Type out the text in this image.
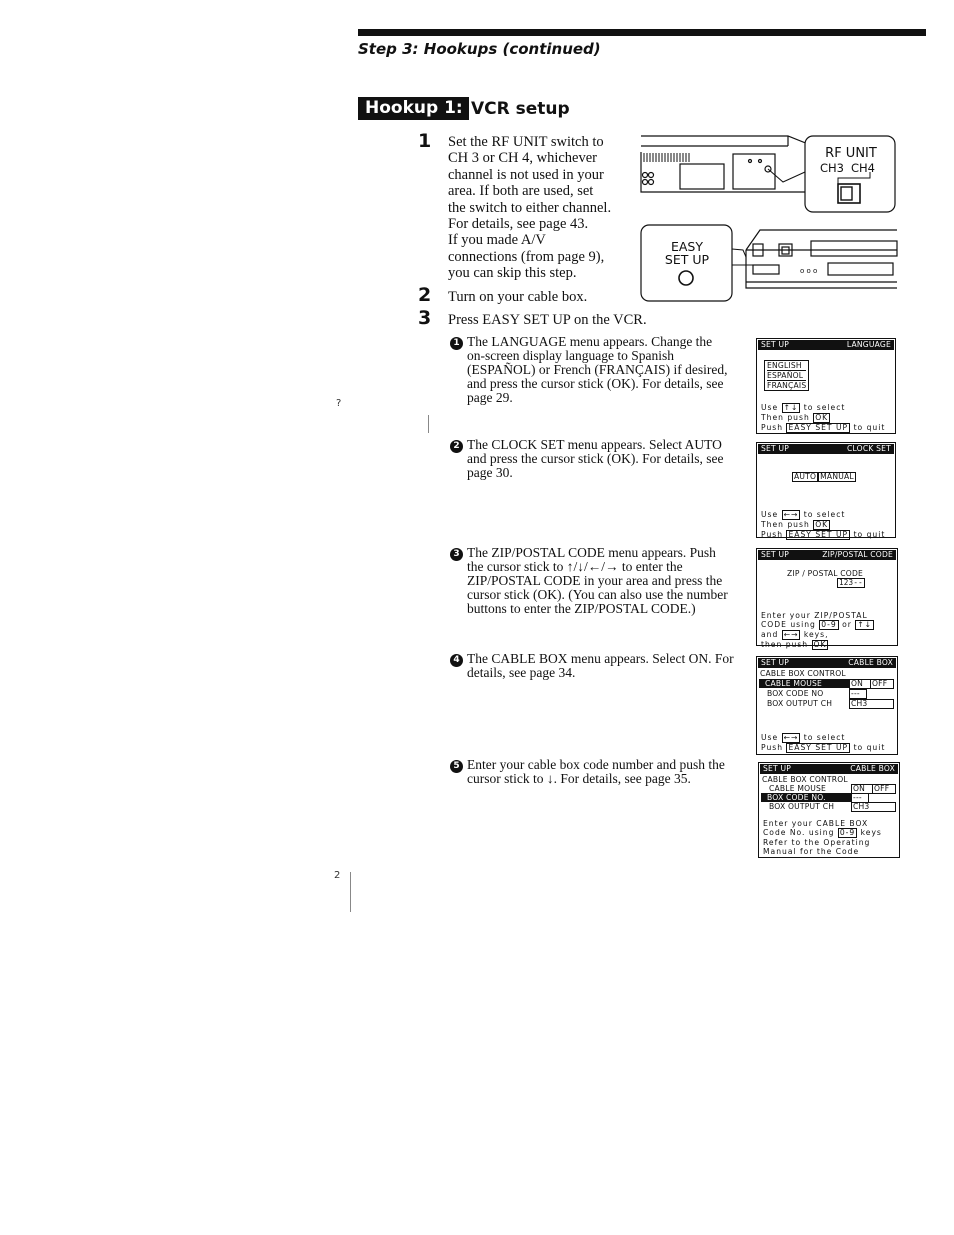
Step 3: Hookups (continued)
Hookup 1: VCR setup
1 Set the RF UNIT switch to
CH 3 or CH 4, whichever
channel is not used in your
area. If both are used, set
the switch to either channel.
For details, see page 43.
If you made A/V
connections (from page 9),
you can skip this step.
2 Turn on your cable box.
3 Press EASY SET UP on the VCR.
o o o
RF UNIT
CH3 CH4
EASY
SET UP
1 The LANGUAGE menu appears. Change the
on-screen display language to Spanish
(ESPAÑOL) or French (FRANÇAIS) if desired,
and press the cursor stick (OK). For details, see
page 29.
2 The CLOCK SET menu appears. Select AUTO
and press the cursor stick (OK). For details, see
page 30.
3 The ZIP/POSTAL CODE menu appears. Push
the cursor stick to ↑/↓/←/→ to enter the
ZIP/POSTAL CODE in your area and press the
cursor stick (OK). (You can also use the number
buttons to enter the ZIP/POSTAL CODE.)
4 The CABLE BOX menu appears. Select ON. For
details, see page 34.
5 Enter your cable box code number and push the
cursor stick to ↓. For details, see page 35.
SET UP	LANGUAGE
ENGLISH
ESPAÑOL
FRANÇAIS
Use ↑↓ to select
Then push OK
Push EASY SET UP to quit
SET UP	CLOCK SET
AUTO MANUAL
Use ←→ to select
Then push OK
Push EASY SET UP to quit
SET UP	ZIP/POSTAL CODE
ZIP / POSTAL CODE
123--
Enter your ZIP/POSTAL
CODE using 0-9 or ↑↓
and ←→ keys,
then push OK
SET UP	CABLE BOX
CABLE BOX CONTROL
CABLE MOUSE	ON	OFF
BOX CODE NO	---
BOX OUTPUT CH CH3
Use ←→ to select
Push EASY SET UP to quit
SET UP	CABLE BOX
CABLE BOX CONTROL
CABLE MOUSE	ON	OFF
BOX CODE NO.	---
BOX OUTPUT CH CH3
Enter your CABLE BOX
Code No. using 0-9 keys
Refer to the Operating
Manual for the Code
?
2
